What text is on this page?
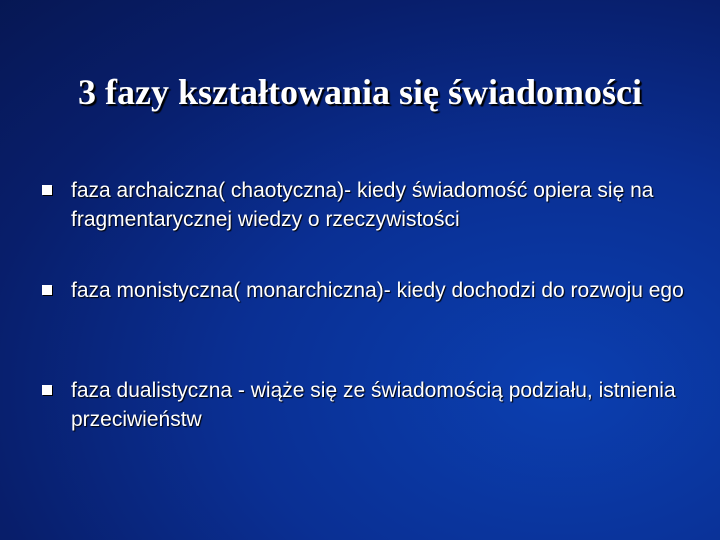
3 fazy kształtowania się świadomości
faza archaiczna( chaotyczna)- kiedy świadomość opiera się na fragmentarycznej wiedzy o rzeczywistości
faza monistyczna( monarchiczna)- kiedy dochodzi do rozwoju ego
faza dualistyczna - wiąże się ze świadomością podziału, istnienia przeciwieństw
